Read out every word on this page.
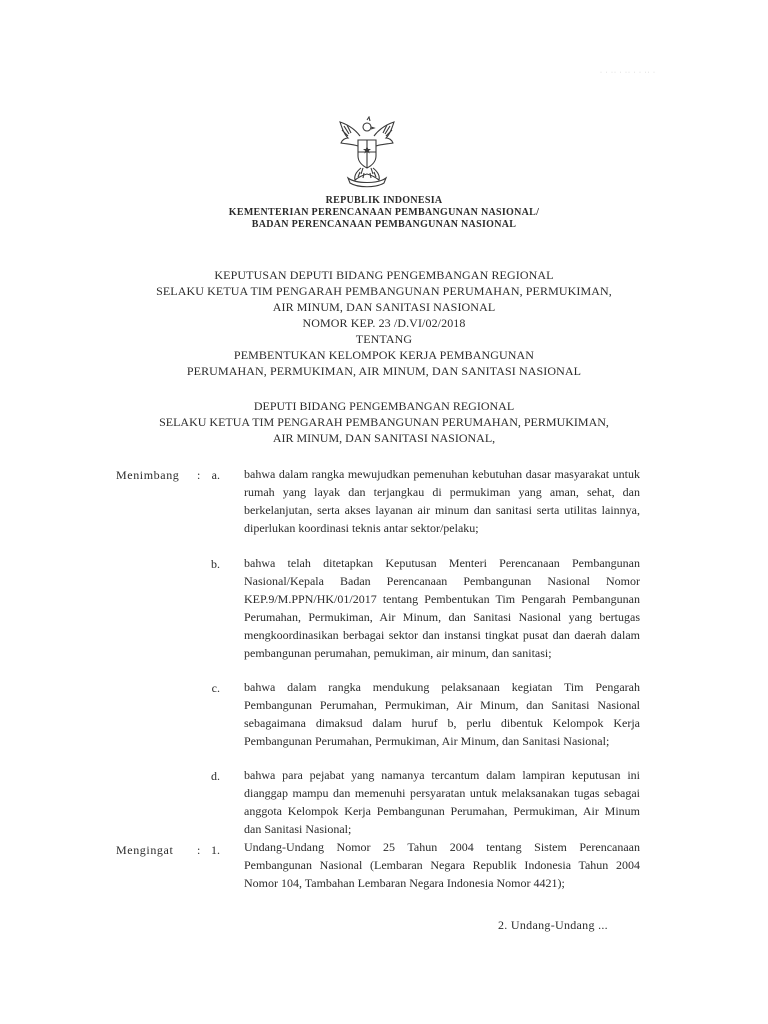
· · ·· · ·· · · ·· ·
REPUBLIK INDONESIA
KEMENTERIAN PERENCANAAN PEMBANGUNAN NASIONAL/
BADAN PERENCANAAN PEMBANGUNAN NASIONAL
KEPUTUSAN DEPUTI BIDANG PENGEMBANGAN REGIONAL
SELAKU KETUA TIM PENGARAH PEMBANGUNAN PERUMAHAN, PERMUKIMAN,
AIR MINUM, DAN SANITASI NASIONAL
NOMOR KEP. 23 /D.VI/02/2018
TENTANG
PEMBENTUKAN KELOMPOK KERJA PEMBANGUNAN
PERUMAHAN, PERMUKIMAN, AIR MINUM, DAN SANITASI NASIONAL
DEPUTI BIDANG PENGEMBANGAN REGIONAL
SELAKU KETUA TIM PENGARAH PEMBANGUNAN PERUMAHAN, PERMUKIMAN,
AIR MINUM, DAN SANITASI NASIONAL,
Menimbang : a. bahwa dalam rangka mewujudkan pemenuhan kebutuhan dasar masyarakat untuk rumah yang layak dan terjangkau di permukiman yang aman, sehat, dan berkelanjutan, serta akses layanan air minum dan sanitasi serta utilitas lainnya, diperlukan koordinasi teknis antar sektor/pelaku;
b. bahwa telah ditetapkan Keputusan Menteri Perencanaan Pembangunan Nasional/Kepala Badan Perencanaan Pembangunan Nasional Nomor KEP.9/M.PPN/HK/01/2017 tentang Pembentukan Tim Pengarah Pembangunan Perumahan, Permukiman, Air Minum, dan Sanitasi Nasional yang bertugas mengkoordinasikan berbagai sektor dan instansi tingkat pusat dan daerah dalam pembangunan perumahan, pemukiman, air minum, dan sanitasi;
c. bahwa dalam rangka mendukung pelaksanaan kegiatan Tim Pengarah Pembangunan Perumahan, Permukiman, Air Minum, dan Sanitasi Nasional sebagaimana dimaksud dalam huruf b, perlu dibentuk Kelompok Kerja Pembangunan Perumahan, Permukiman, Air Minum, dan Sanitasi Nasional;
d. bahwa para pejabat yang namanya tercantum dalam lampiran keputusan ini dianggap mampu dan memenuhi persyaratan untuk melaksanakan tugas sebagai anggota Kelompok Kerja Pembangunan Perumahan, Permukiman, Air Minum dan Sanitasi Nasional;
Mengingat : 1. Undang-Undang Nomor 25 Tahun 2004 tentang Sistem Perencanaan Pembangunan Nasional (Lembaran Negara Republik Indonesia Tahun 2004 Nomor 104, Tambahan Lembaran Negara Indonesia Nomor 4421);
2. Undang-Undang ...
